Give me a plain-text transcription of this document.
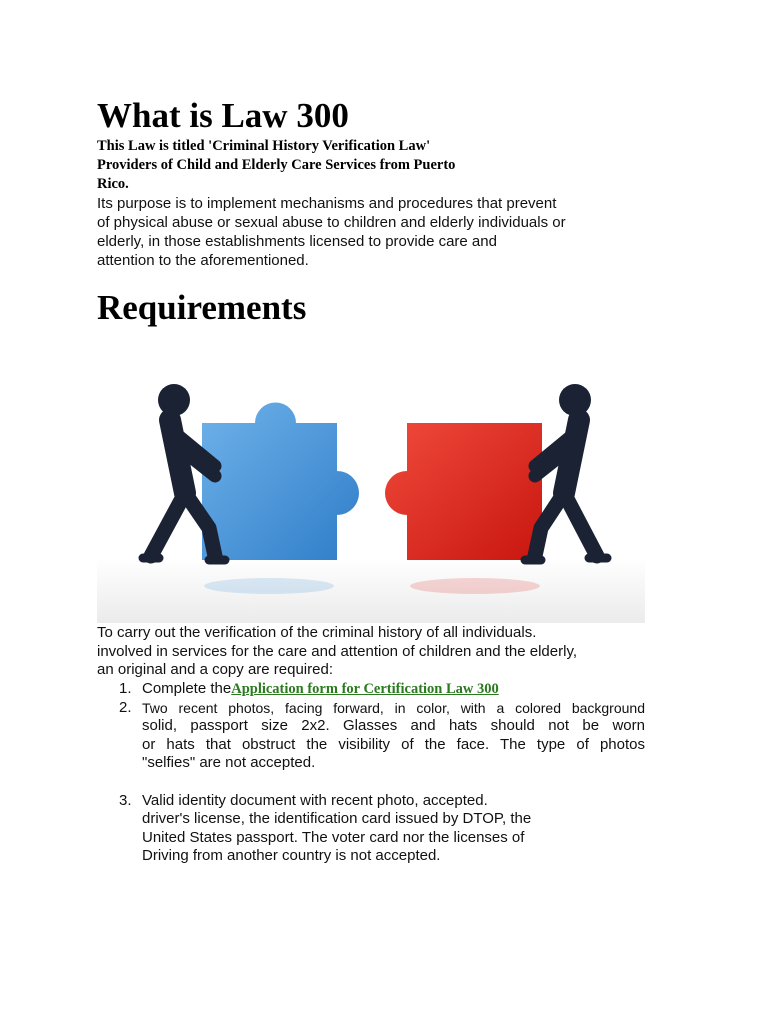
What is Law 300

This Law is titled 'Criminal History Verification Law'
Providers of Child and Elderly Care Services from Puerto
Rico.

Its purpose is to implement mechanisms and procedures that prevent
of physical abuse or sexual abuse to children and elderly individuals or
elderly, in those establishments licensed to provide care and
attention to the aforementioned.

Requirements

To carry out the verification of the criminal history of all individuals.
involved in services for the care and attention of children and the elderly,
an original and a copy are required:

1. Complete theApplication form for Certification Law 300
2. Two recent photos, facing forward, in color, with a colored background
solid, passport size 2x2. Glasses and hats should not be worn
or hats that obstruct the visibility of the face. The type of photos
"selfies" are not accepted.
3. Valid identity document with recent photo, accepted.
driver's license, the identification card issued by DTOP, the
United States passport. The voter card nor the licenses of
Driving from another country is not accepted.
